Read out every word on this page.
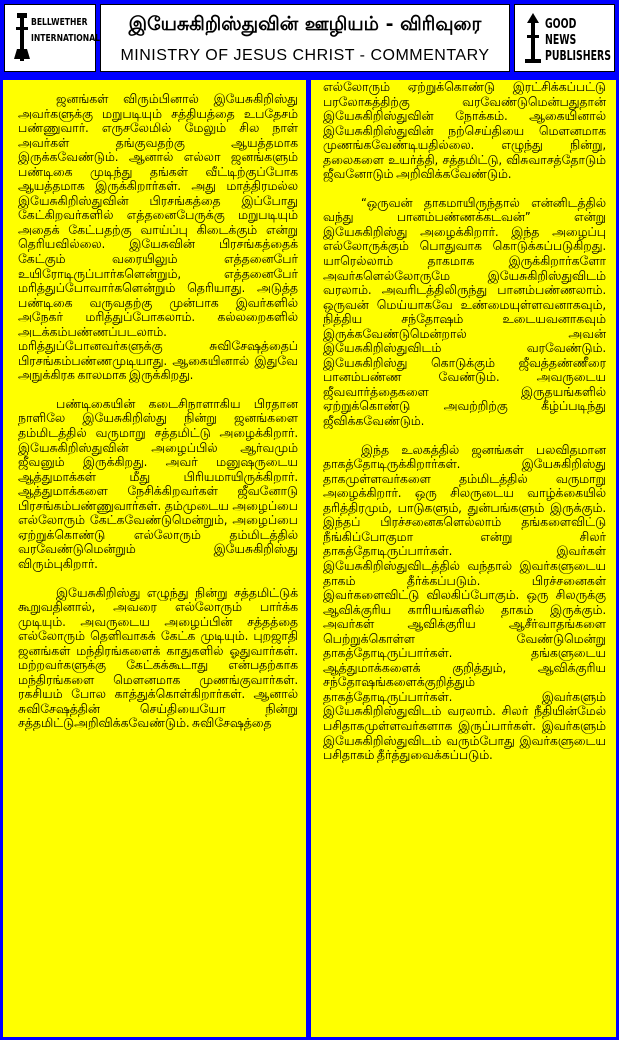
BELLWETHER
INTERNATIONAL
இயேசுகிறிஸ்துவின் ஊழியம் - விரிவுரை
MINISTRY OF JESUS CHRIST - COMMENTARY
GOOD NEWS
PUBLISHERS

ஜனங்கள் விரும்பினால் இயேசுகிறிஸ்து அவர்களுக்கு மறுபடியும் சத்தியத்தை உபதேசம் பண்ணுவார். எருசலேமில் மேலும் சில நாள் அவர்கள் தங்குவதற்கு ஆயத்தமாக இருக்கவேண்டும். ஆனால் எல்லா ஜனங்களும் பண்டிகை முடிந்து தங்கள் வீட்டிற்குப்போக ஆயத்தமாக இருக்கிறார்கள். அது மாத்திரமல்ல இயேசுகிறிஸ்துவின் பிரசங்கத்தை இப்போது கேட்கிறவர்களில் எத்தனைபேருக்கு மறுபடியும் அதைக் கேட்பதற்கு வாய்ப்பு கிடைக்கும் என்று தெரியவில்லை. இயேசுவின் பிரசங்கத்தைக் கேட்கும் வரையிலும் எத்தனைபேர் உயிரோடிருப்பார்களென்றும், எத்தனைபேர் மரித்துப்போவார்களென்றும் தெரியாது. அடுத்த பண்டிகை வருவதற்கு முன்பாக இவர்களில் அநேகர் மரித்துப்போகலாம். கல்லறைகளில் அடக்கம்பண்ணப்படலாம். மரித்துப்போனவர்களுக்கு சுவிசேஷத்தைப் பிரசங்கம்பண்ணமுடியாது. ஆகையினால் இதுவே அநுக்கிரக காலமாக இருக்கிறது.

பண்டிகையின் கடைசிநாளாகிய பிரதான நாளிலே இயேசுகிறிஸ்து நின்று ஜனங்களை தம்மிடத்தில் வருமாறு சத்தமிட்டு அழைக்கிறார். இயேசுகிறிஸ்துவின் அழைப்பில் ஆர்வமும் ஜீவனும் இருக்கிறது. அவர் மனுஷருடைய ஆத்துமாக்கள் மீது பிரியமாயிருக்கிறார். ஆத்துமாக்களை நேசிக்கிறவர்கள் ஜீவனோடு பிரசங்கம்பண்ணுவார்கள். தம்முடைய அழைப்பை எல்லோரும் கேட்கவேண்டுமென்றும், அழைப்பை ஏற்றுக்கொண்டு எல்லோரும் தம்மிடத்தில் வரவேண்டுமென்றும் இயேசுகிறிஸ்து விரும்புகிறார்.

இயேசுகிறிஸ்து எழுந்து நின்று சத்தமிட்டுக் கூறுவதினால், அவரை எல்லோரும் பார்க்க முடியும். அவருடைய அழைப்பின் சத்தத்தை எல்லோரும் தெளிவாகக் கேட்க முடியும். புறஜாதி ஜனங்கள் மந்திரங்களைக் காதுகளில் ஓதுவார்கள். மற்றவர்களுக்கு கேட்கக்கூடாது என்பதற்காக மந்திரங்களை மௌனமாக முணங்குவார்கள். ரகசியம் போல காத்துக்கொள்கிறார்கள். ஆனால் சுவிசேஷத்தின் செய்தியையோ நின்று சத்தமிட்டுஅறிவிக்கவேண்டும். சுவிசேஷத்தை

எல்லோரும் ஏற்றுக்கொண்டு இரட்சிக்கப்பட்டு பரலோகத்திற்கு வரவேண்டுமென்பதுதான் இயேசுகிறிஸ்துவின் நோக்கம். ஆகையினால் இயேசுகிறிஸ்துவின் நற்செய்தியை மௌனமாக முணங்கவேண்டியதில்லை. எழுந்து நின்று, தலைகளை உயர்த்தி, சத்தமிட்டு, விசுவாசத்தோடும் ஜீவனோடும் அறிவிக்கவேண்டும்.

“ஒருவன் தாகமாயிருந்தால் என்னிடத்தில் வந்து பானம்பண்ணக்கடவன்” என்று இயேசுகிறிஸ்து அழைக்கிறார். இந்த அழைப்பு எல்லோருக்கும் பொதுவாக கொடுக்கப்படுகிறது. யாரெல்லாம் தாகமாக இருக்கிறார்களோ அவர்களெல்லோருமே இயேசுகிறிஸ்துவிடம் வரலாம். அவரிடத்திலிருந்து பானம்பண்ணலாம். ஒருவன் மெய்யாகவே உண்மையுள்ளவனாகவும், நித்திய சந்தோஷம் உடையவனாகவும் இருக்கவேண்டுமென்றால் அவன் இயேசுகிறிஸ்துவிடம் வரவேண்டும். இயேசுகிறிஸ்து கொடுக்கும் ஜீவத்தண்ணீரை பானம்பண்ண வேண்டும். அவருடைய ஜீவவார்த்தைகளை இருதயங்களில் ஏற்றுக்கொண்டு அவற்றிற்கு கீழ்ப்படிந்து ஜீவிக்கவேண்டும்.

இந்த உலகத்தில் ஜனங்கள் பலவிதமான தாகத்தோடிருக்கிறார்கள். இயேசுகிறிஸ்து தாகமுள்ளவர்களை தம்மிடத்தில் வருமாறு அழைக்கிறார். ஒரு சிலருடைய வாழ்க்கையில் தரித்திரமும், பாடுகளும், துன்பங்களும் இருக்கும். இந்தப் பிரச்சனைகளெல்லாம் தங்களைவிட்டு நீங்கிப்போகுமா என்று சிலர் தாகத்தோடிருப்பார்கள். இவர்கள் இயேசுகிறிஸ்துவிடத்தில் வந்தால் இவர்களுடைய தாகம் தீர்க்கப்படும். பிரச்சனைகள் இவர்களைவிட்டு விலகிப்போகும். ஒரு சிலருக்கு ஆவிக்குரிய காரியங்களில் தாகம் இருக்கும். அவர்கள் ஆவிக்குரிய ஆசீர்வாதங்களை பெற்றுக்கொள்ள வேண்டுமென்று தாகத்தோடிருப்பார்கள். தங்களுடைய ஆத்துமாக்களைக் குறித்தும், ஆவிக்குரிய சந்தோஷங்களைக்குறித்தும் தாகத்தோடிருப்பார்கள். இவர்களும் இயேசுகிறிஸ்துவிடம் வரலாம். சிலர் நீதியின்மேல் பசிதாகமுள்ளவர்களாக இருப்பார்கள். இவர்களும் இயேசுகிறிஸ்துவிடம் வரும்போது இவர்களுடைய பசிதாகம் தீர்த்துவைக்கப்படும்.
